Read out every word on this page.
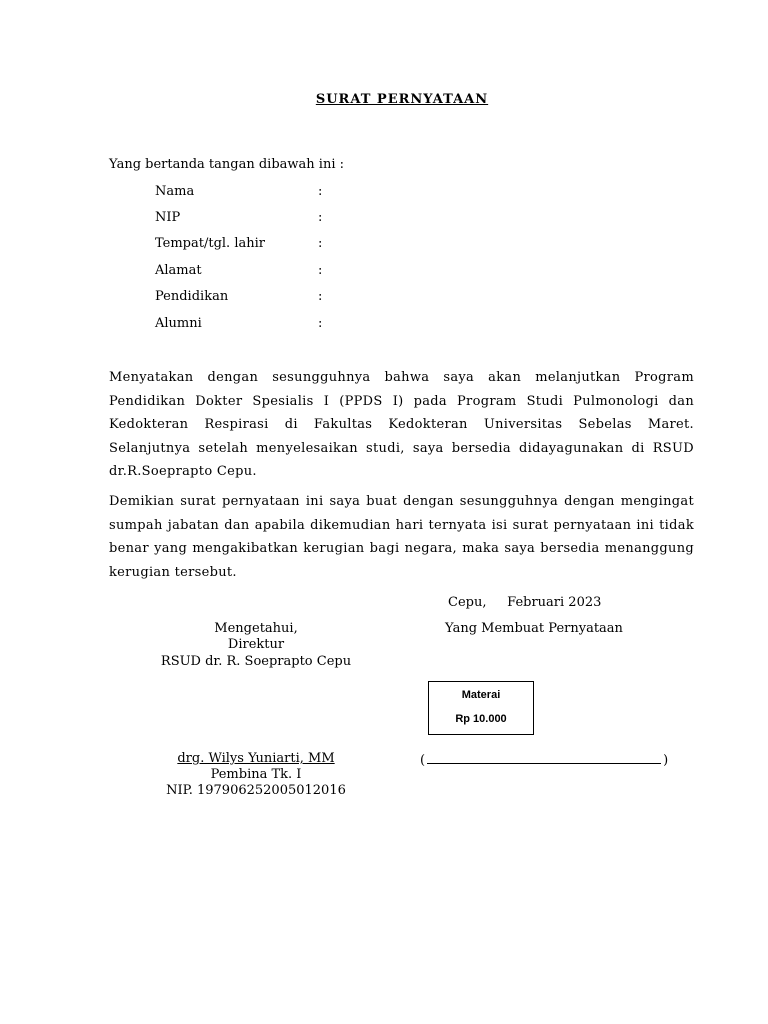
SURAT PERNYATAAN
Yang bertanda tangan dibawah ini :
Nama	:
NIP	:
Tempat/tgl. lahir	:
Alamat	:
Pendidikan	:
Alumni	:
Menyatakan dengan sesungguhnya bahwa saya akan melanjutkan Program Pendidikan Dokter Spesialis I (PPDS I) pada Program Studi Pulmonologi dan Kedokteran Respirasi di Fakultas Kedokteran Universitas Sebelas Maret. Selanjutnya setelah menyelesaikan studi, saya bersedia didayagunakan di RSUD dr.R.Soeprapto Cepu.
Demikian surat pernyataan ini saya buat dengan sesungguhnya dengan mengingat sumpah jabatan dan apabila dikemudian hari ternyata isi surat pernyataan ini tidak benar yang mengakibatkan kerugian bagi negara, maka saya bersedia menanggung kerugian tersebut.
Cepu,     Februari 2023
Mengetahui,
Direktur
RSUD dr. R. Soeprapto Cepu
Yang Membuat Pernyataan
Materai
Rp 10.000
drg. Wilys Yuniarti, MM
Pembina Tk. I
NIP. 197906252005012016
(	)
